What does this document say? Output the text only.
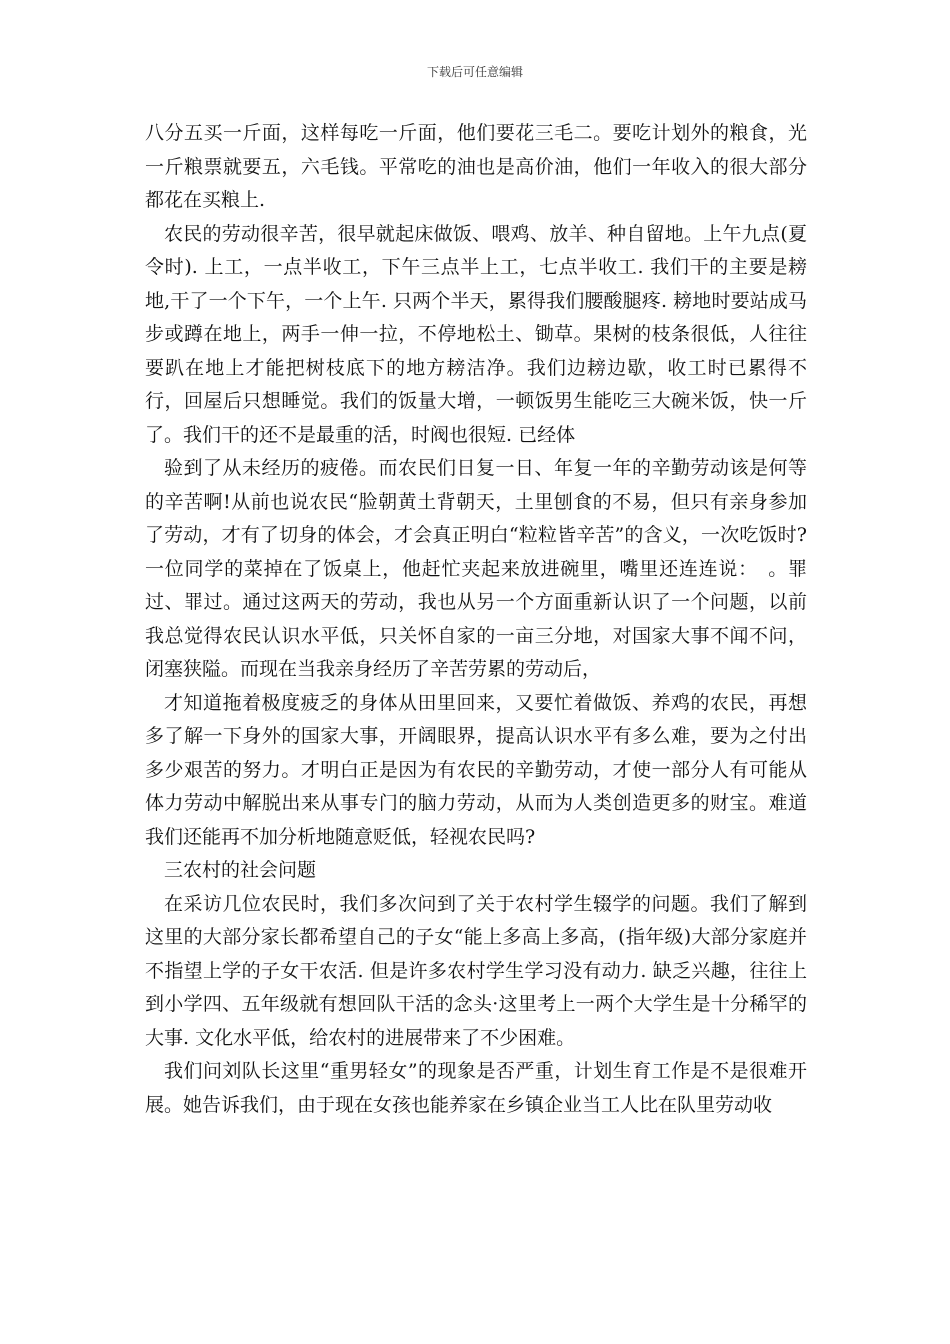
下载后可任意编辑

八分五买一斤面，这样每吃一斤面，他们要花三毛二。要吃计划外的粮食，光一斤粮票就要五，六毛钱。平常吃的油也是高价油，他们一年收入的很大部分都花在买粮上.

农民的劳动很辛苦，很早就起床做饭、喂鸡、放羊、种自留地。上午九点(夏令时). 上工，一点半收工，下午三点半上工，七点半收工. 我们干的主要是耪地,干了一个下午，一个上午. 只两个半天，累得我们腰酸腿疼. 耪地时要站成马步或蹲在地上，两手一伸一拉，不停地松土、锄草。果树的枝条很低，人往往要趴在地上才能把树枝底下的地方耪洁净。我们边耪边歇，收工时已累得不行，回屋后只想睡觉。我们的饭量大增，一顿饭男生能吃三大碗米饭，快一斤了。我们干的还不是最重的活，时阀也很短. 已经体

验到了从未经历的疲倦。而农民们日复一日、年复一年的辛勤劳动该是何等的辛苦啊!从前也说农民“脸朝黄土背朝天，土里刨食的不易，但只有亲身参加了劳动，才有了切身的体会，才会真正明白“粒粒皆辛苦”的含义，一次吃饭时?一位同学的菜掉在了饭桌上，他赶忙夹起来放进碗里，嘴里还连连说：　。罪过、罪过。通过这两天的劳动，我也从另一个方面重新认识了一个问题，以前我总觉得农民认识水平低，只关怀自家的一亩三分地，对国家大事不闻不问，闭塞狭隘。而现在当我亲身经历了辛苦劳累的劳动后，

才知道拖着极度疲乏的身体从田里回来，又要忙着做饭、养鸡的农民，再想多了解一下身外的国家大事，开阔眼界，提高认识水平有多么难，要为之付出多少艰苦的努力。才明白正是因为有农民的辛勤劳动，才使一部分人有可能从体力劳动中解脱出来从事专门的脑力劳动，从而为人类创造更多的财宝。难道我们还能再不加分析地随意贬低，轻视农民吗?

三农村的社会问题

在采访几位农民时，我们多次问到了关于农村学生辍学的问题。我们了解到这里的大部分家长都希望自己的子女“能上多高上多高，(指年级)大部分家庭并不指望上学的子女干农活. 但是许多农村学生学习没有动力. 缺乏兴趣，往往上到小学四、五年级就有想回队干活的念头·这里考上一两个大学生是十分稀罕的大事. 文化水平低，给农村的进展带来了不少困难。

我们问刘队长这里“重男轻女”的现象是否严重，计划生育工作是不是很难开展。她告诉我们，由于现在女孩也能养家在乡镇企业当工人比在队里劳动收
